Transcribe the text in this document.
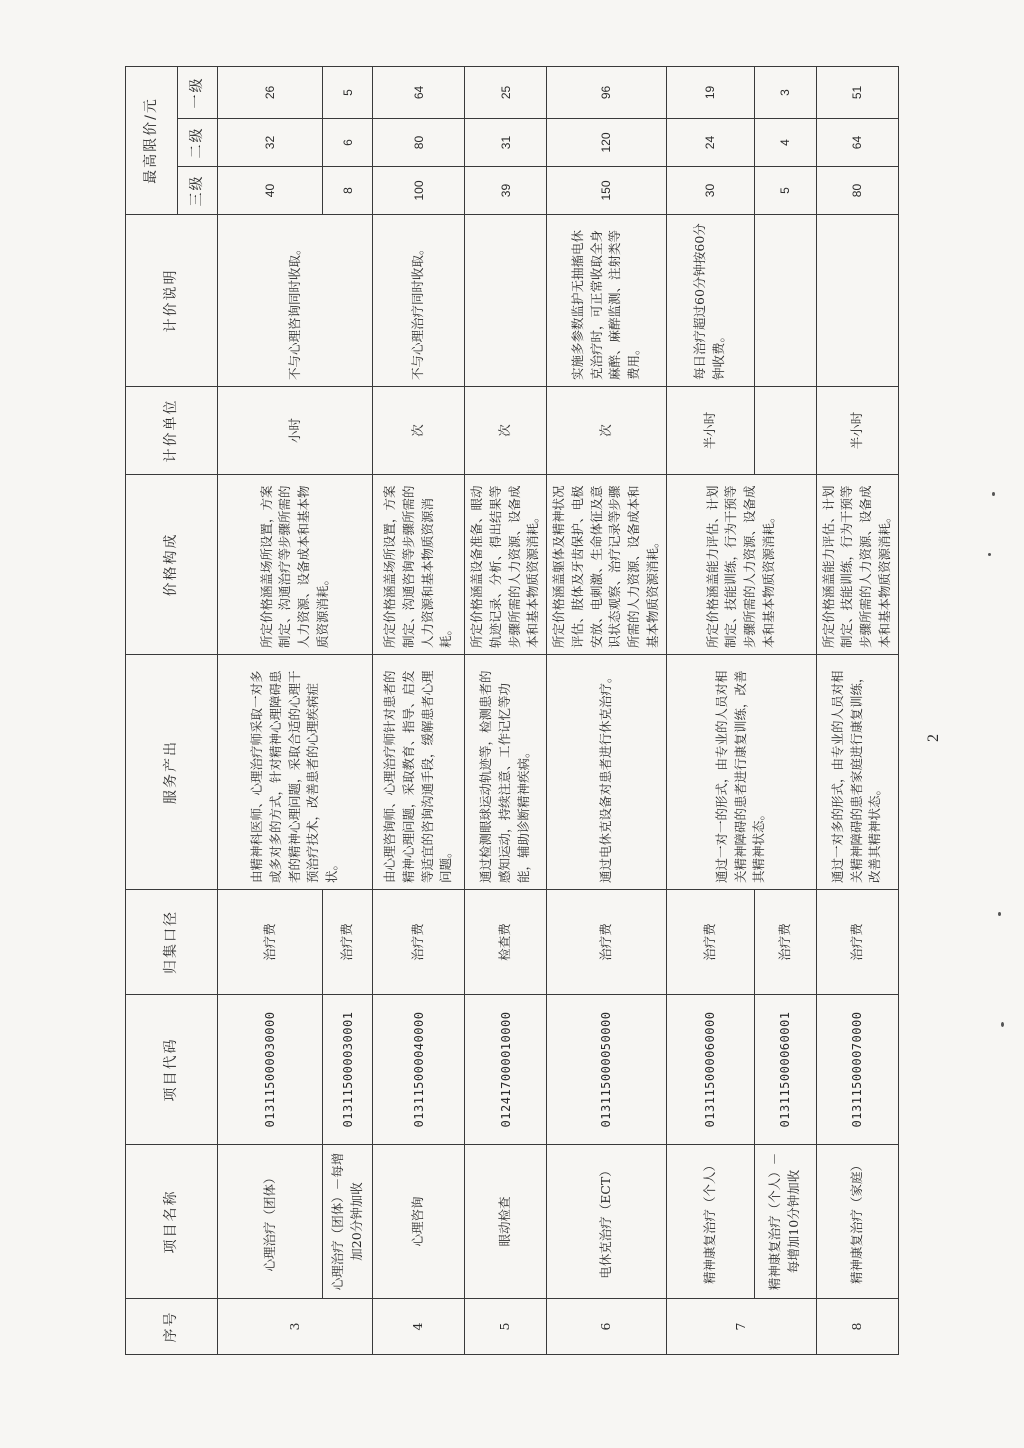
序号	项目名称	项目代码	归集口径	服务产出	价格构成	计价单位	计价说明	最高限价/元		
								三级	二级	一级
3	心理治疗（团体）	013115000030000	治疗费	由精神科医师、心理治疗师采取一对多或多对多的方式，针对精神心理障碍患者的精神心理问题，采取合适的心理干预治疗技术，改善患者的心理疾病症状。	所定价格涵盖场所设置，方案制定、沟通治疗等步骤所需的人力资源、设备成本和基本物质资源消耗。	小时	不与心理咨询同时收取。	40	32	26
	心理治疗（团体）－每增加20分钟加收	013115000030001	治疗费					8	6	5
4	心理咨询	013115000040000	治疗费	由心理咨询师、心理治疗师针对患者的精神心理问题，采取教育、指导、启发等适宜的咨询沟通手段，缓解患者心理问题。	所定价格涵盖场所设置，方案制定、沟通咨询等步骤所需的人力资源和基本物质资源消耗。	次	不与心理治疗同时收取。	100	80	64
5	眼动检查	012417000010000	检查费	通过检测眼球运动轨迹等，检测患者的感知运动，持续注意、工作记忆等功能，辅助诊断精神疾病。	所定价格涵盖设备准备、眼动轨迹记录、分析、得出结果等步骤所需的人力资源、设备成本和基本物质资源消耗。	次		39	31	25
6	电休克治疗（ECT）	013115000050000	治疗费	通过电休克设备对患者进行休克治疗。	所定价格涵盖躯体及精神状况评估、肢体及牙齿保护、电极安放、电刺激、生命体征及意识状态观察、治疗记录等步骤所需的人力资源、设备成本和基本物质资源消耗。	次	实施多参数监护无抽搐电休克治疗时，可正常收取全身麻醉、麻醉监测、注射类等费用。	150	120	96
7	精神康复治疗（个人）	013115000060000	治疗费	通过一对一的形式，由专业的人员对相关精神障碍的患者进行康复训练，改善其精神状态。	所定价格涵盖能力评估、计划制定、技能训练，行为干预等步骤所需的人力资源、设备成本和基本物质资源消耗。	半小时	每日治疗超过60分钟按60分钟收费。	30	24	19
	精神康复治疗（个人）－每增加10分钟加收	013115000060001	治疗费					5	4	3
8	精神康复治疗（家庭）	013115000070000	治疗费	通过一对多的形式，由专业的人员对相关精神障碍的患者家庭进行康复训练，改善其精神状态。	所定价格涵盖能力评估、计划制定、技能训练，行为干预等步骤所需的人力资源、设备成本和基本物质资源消耗。	半小时		80	64	51
2
